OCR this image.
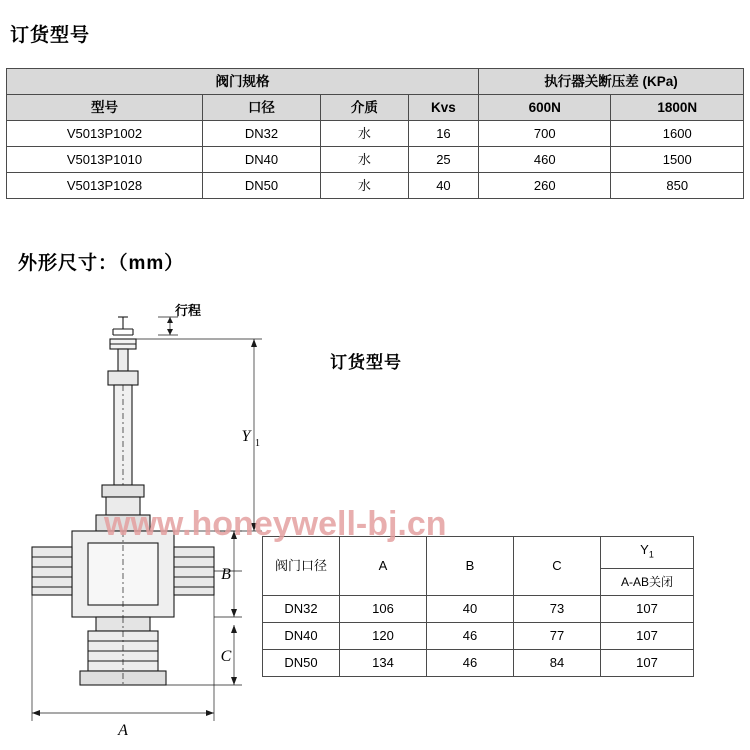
订货型号
阀门规格				执行器关断压差 (KPa)	
型号	口径	介质	Kvs	600N	1800N
V5013P1002	DN32	水	16	700	1600
V5013P1010	DN40	水	25	460	1500
V5013P1028	DN50	水	40	260	850
外形尺寸：（mm）
Y 1
B
C
A
行程
订货型号
www.honeywell-bj.cn
阀门口径	A	B	C	$Y_1$
				A-AB关闭
DN32	106	40	73	107
DN40	120	46	77	107
DN50	134	46	84	107
